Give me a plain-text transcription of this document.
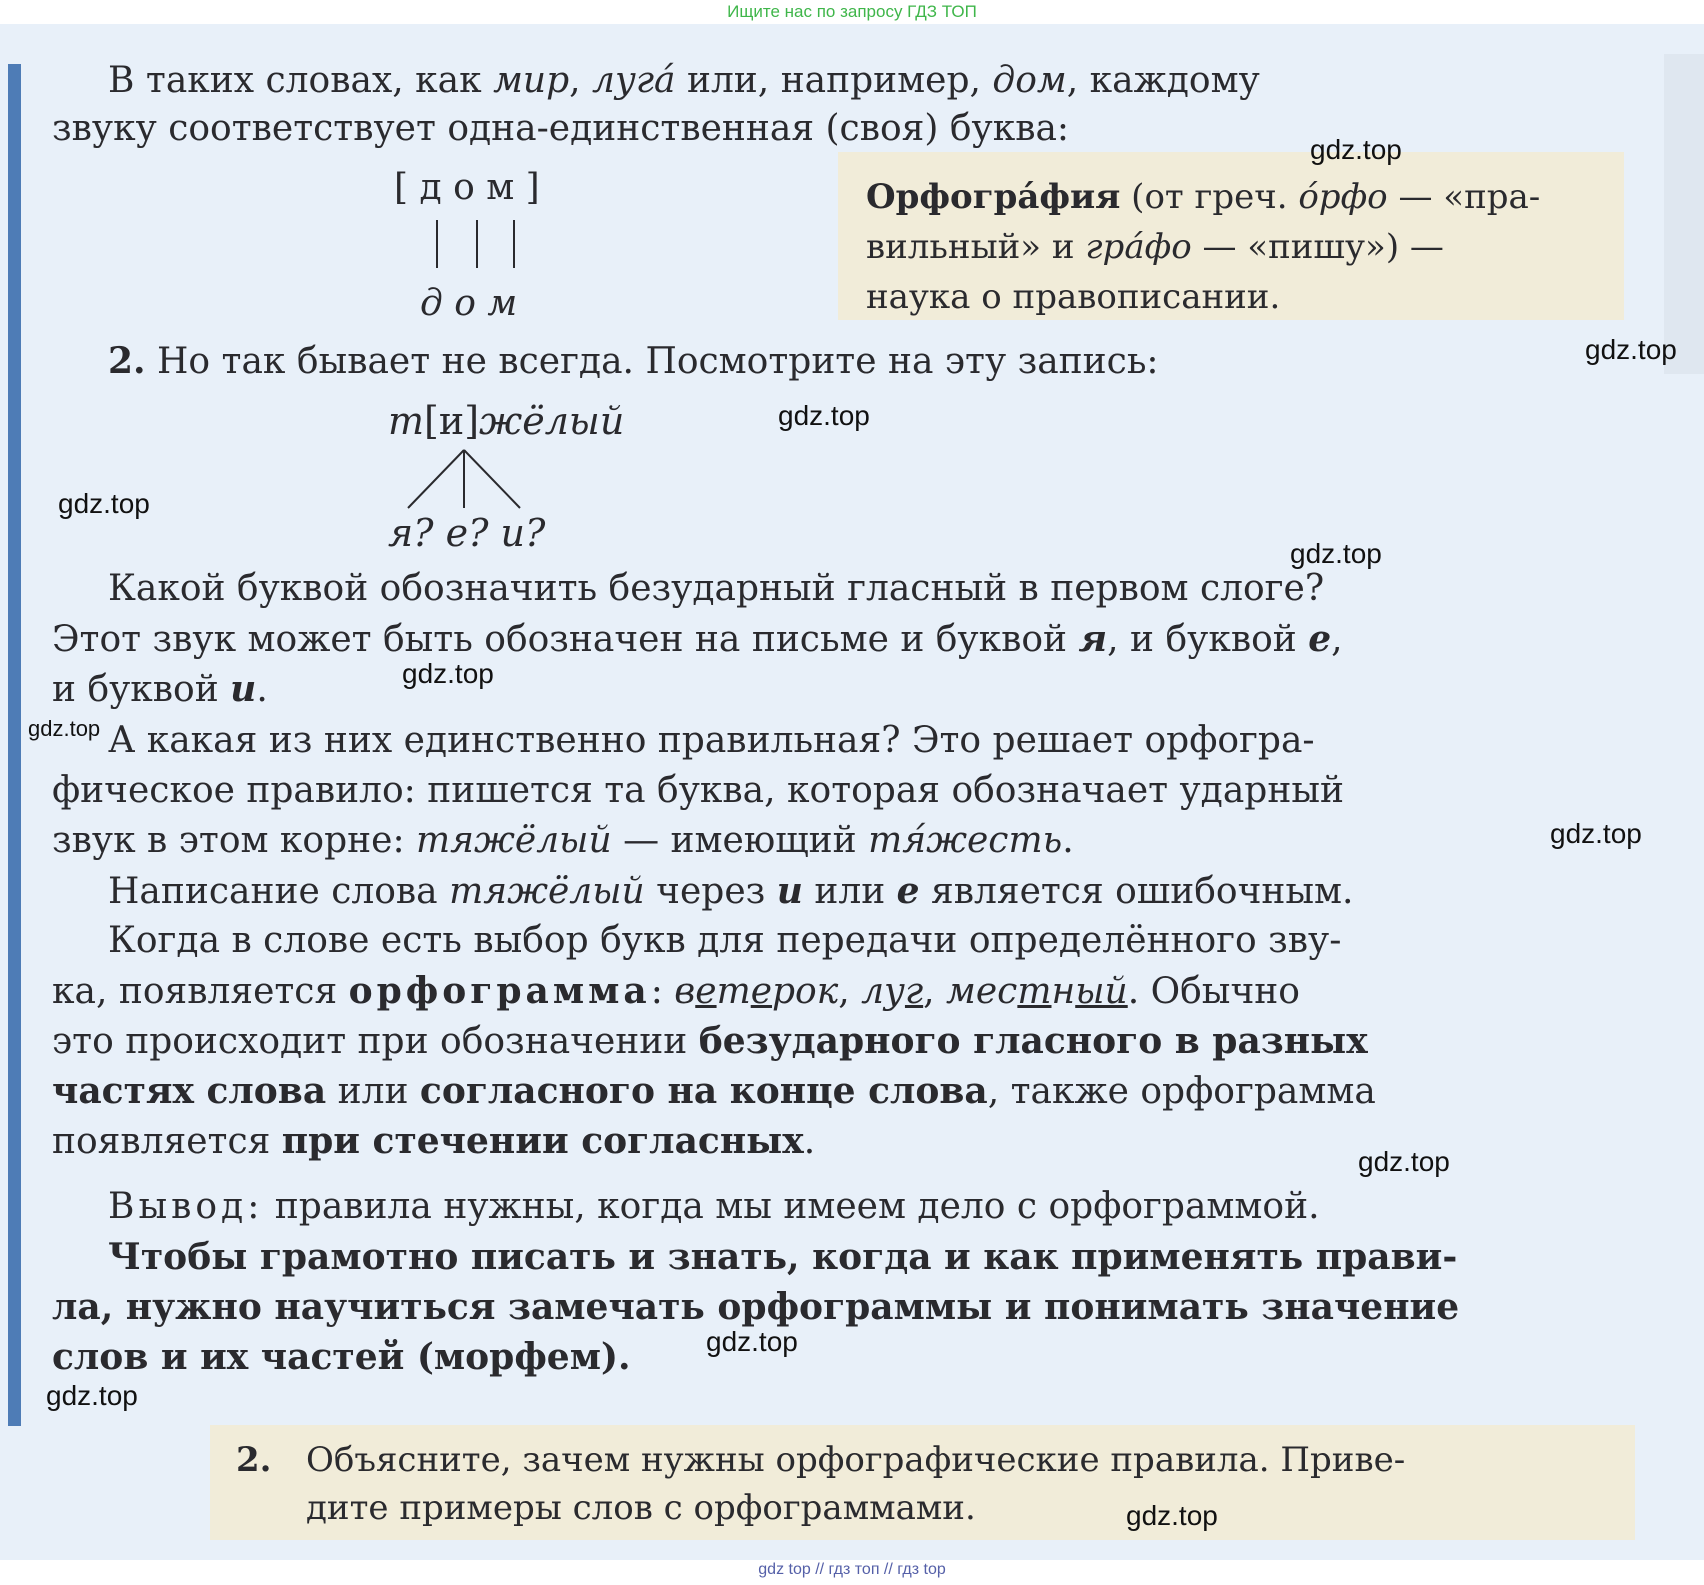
Ищите нас по запросу ГДЗ ТОП
В таких словах, как мир, лугá или, например, дом, каждому
звуку соответствует одна-единственная (своя) буква:
[ д о м ]
д о м
Орфогрáфия (от греч. óрфо — «пра-
вильный» и грáфо — «пишу») —
наука о правописании.
2. Но так бывает не всегда. Посмотрите на эту запись:
т[и]жёлый
я? е? и?
Какой буквой обозначить безударный гласный в первом слоге?
Этот звук может быть обозначен на письме и буквой я, и буквой е,
и буквой и.
А какая из них единственно правильная? Это решает орфогра-
фическое правило: пишется та буква, которая обозначает ударный
звук в этом корне: тяжёлый — имеющий тя́жесть.
Написание слова тяжёлый через и или е является ошибочным.
Когда в слове есть выбор букв для передачи определённого зву-
ка, появляется орфограмма: ветерок, луг, местный. Обычно
это происходит при обозначении безударного гласного в разных
частях слова или согласного на конце слова, также орфограмма
появляется при стечении согласных.
Вывод: правила нужны, когда мы имеем дело с орфограммой.
Чтобы грамотно писать и знать, когда и как применять прави-
ла, нужно научиться замечать орфограммы и понимать значение
слов и их частей (морфем).
2. Объясните, зачем нужны орфографические правила. Приве-
дите примеры слов с орфограммами.
gdz.top
gdz.top
gdz.top
gdz.top
gdz.top
gdz.top
gdz.top
gdz.top
gdz.top
gdz.top
gdz.top
gdz.top
gdz top // гдз топ // гдз top
